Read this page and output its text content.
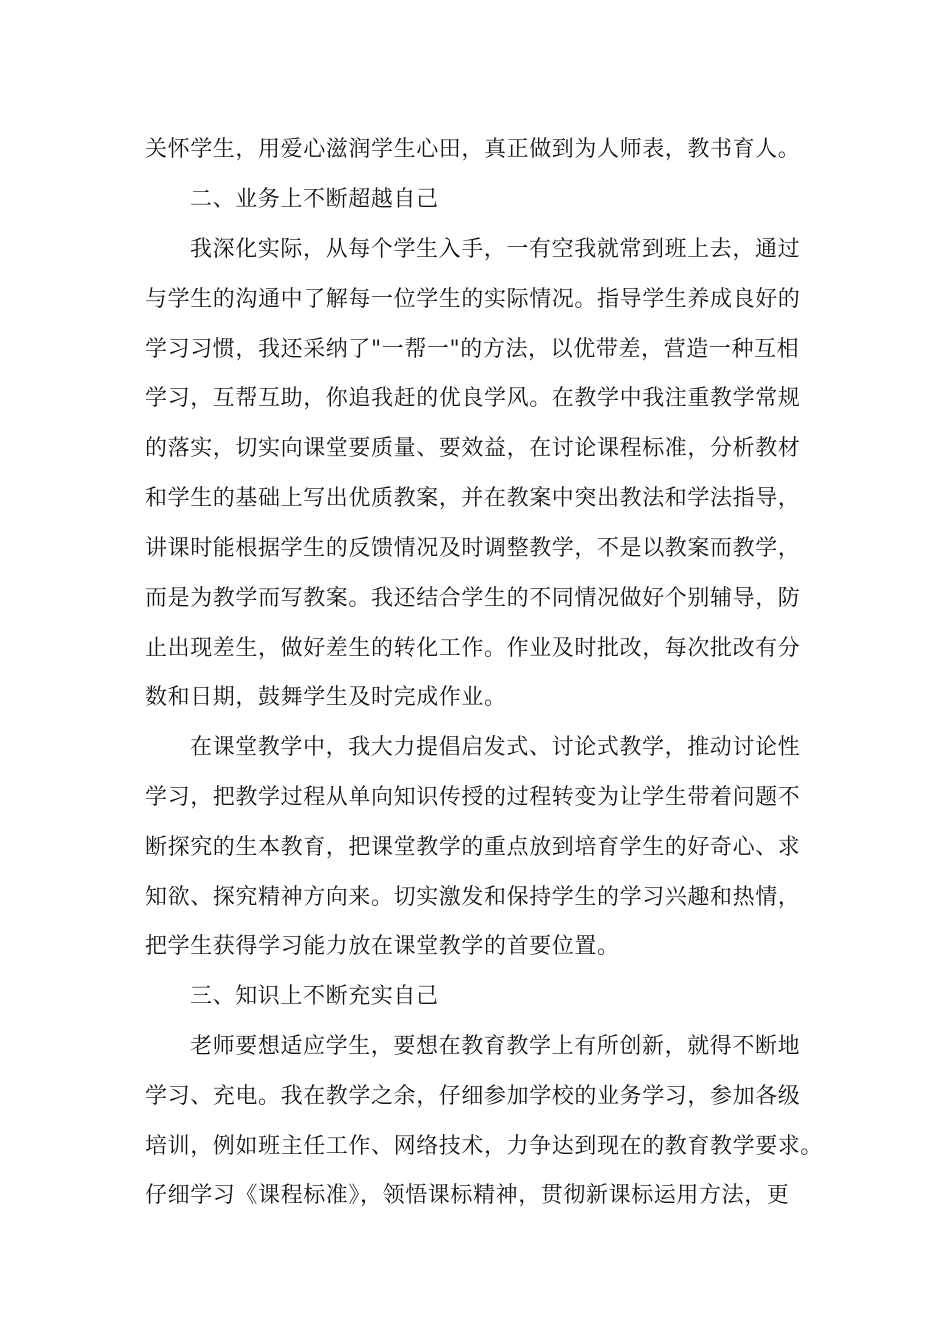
关怀学生，用爱心滋润学生心田，真正做到为人师表，教书育人。
二、业务上不断超越自己
我深化实际，从每个学生入手，一有空我就常到班上去，通过
与学生的沟通中了解每一位学生的实际情况。指导学生养成良好的
学习习惯，我还采纳了"一帮一"的方法，以优带差，营造一种互相
学习，互帮互助，你追我赶的优良学风。在教学中我注重教学常规
的落实，切实向课堂要质量、要效益，在讨论课程标准，分析教材
和学生的基础上写出优质教案，并在教案中突出教法和学法指导，
讲课时能根据学生的反馈情况及时调整教学，不是以教案而教学，
而是为教学而写教案。我还结合学生的不同情况做好个别辅导，防
止出现差生，做好差生的转化工作。作业及时批改，每次批改有分
数和日期，鼓舞学生及时完成作业。
在课堂教学中，我大力提倡启发式、讨论式教学，推动讨论性
学习，把教学过程从单向知识传授的过程转变为让学生带着问题不
断探究的生本教育，把课堂教学的重点放到培育学生的好奇心、求
知欲、探究精神方向来。切实激发和保持学生的学习兴趣和热情，
把学生获得学习能力放在课堂教学的首要位置。
三、知识上不断充实自己
老师要想适应学生，要想在教育教学上有所创新，就得不断地
学习、充电。我在教学之余，仔细参加学校的业务学习，参加各级
培训，例如班主任工作、网络技术，力争达到现在的教育教学要求。
仔细学习《课程标准》，领悟课标精神，贯彻新课标运用方法，更
